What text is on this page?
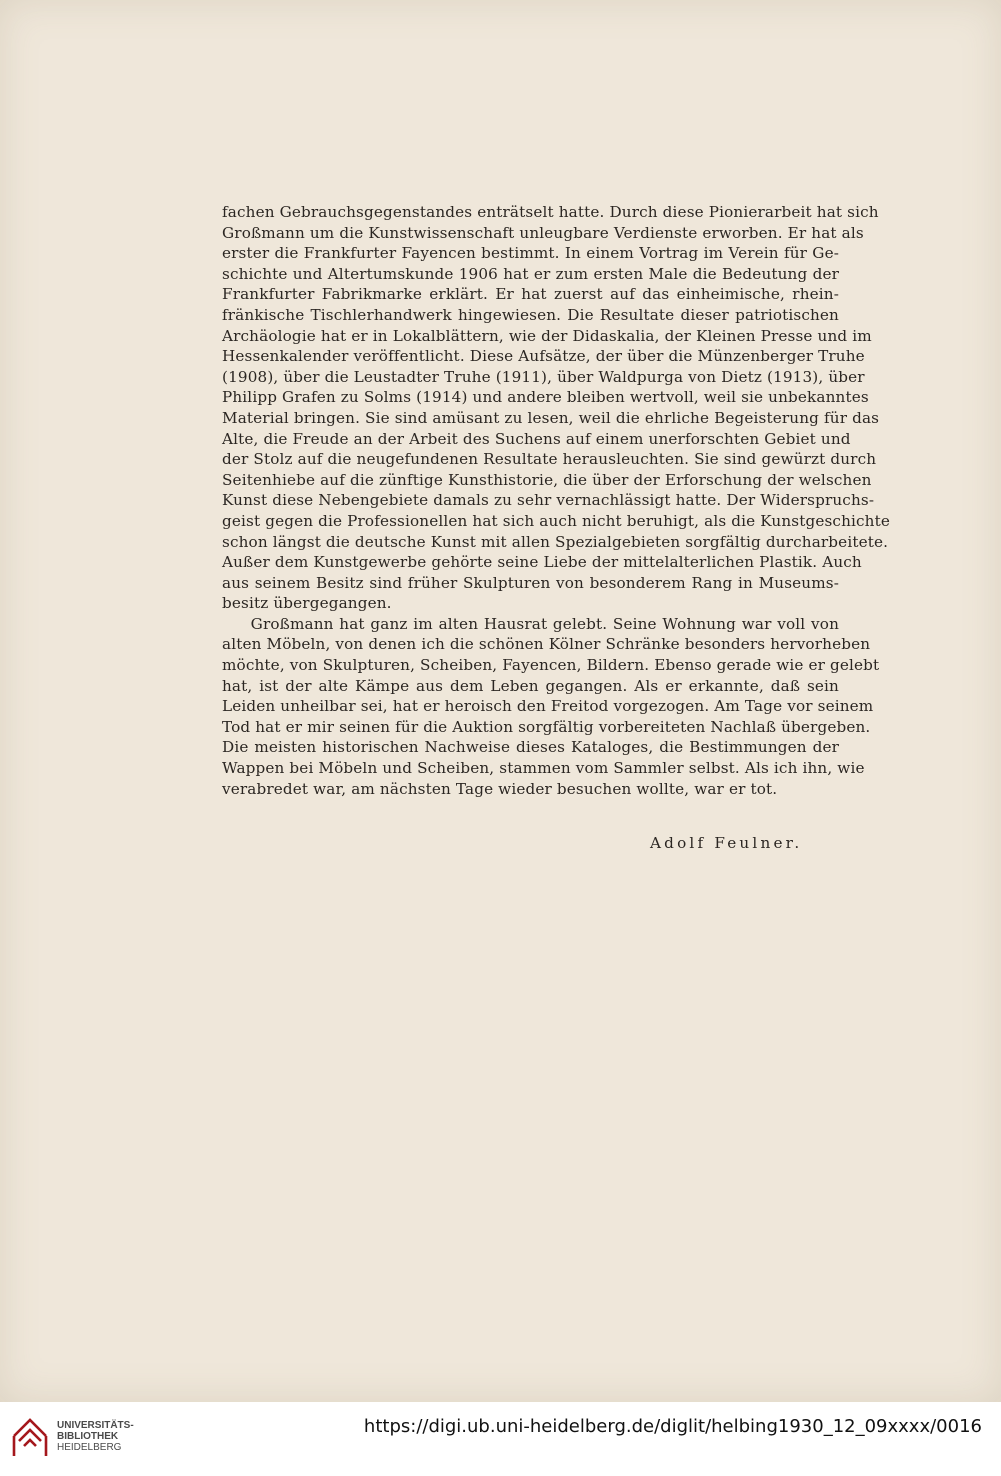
fachen Gebrauchsgegenstandes enträtselt hatte. Durch diese Pionierarbeit hat sich
Großmann um die Kunstwissenschaft unleugbare Verdienste erworben. Er hat als
erster die Frankfurter Fayencen bestimmt. In einem Vortrag im Verein für Ge-
schichte und Altertumskunde 1906 hat er zum ersten Male die Bedeutung der
Frankfurter Fabrikmarke erklärt. Er hat zuerst auf das einheimische, rhein-
fränkische Tischlerhandwerk hingewiesen. Die Resultate dieser patriotischen
Archäologie hat er in Lokalblättern, wie der Didaskalia, der Kleinen Presse und im
Hessenkalender veröffentlicht. Diese Aufsätze, der über die Münzenberger Truhe
(1908), über die Leustadter Truhe (1911), über Waldpurga von Dietz (1913), über
Philipp Grafen zu Solms (1914) und andere bleiben wertvoll, weil sie unbekanntes
Material bringen. Sie sind amüsant zu lesen, weil die ehrliche Begeisterung für das
Alte, die Freude an der Arbeit des Suchens auf einem unerforschten Gebiet und
der Stolz auf die neugefundenen Resultate herausleuchten. Sie sind gewürzt durch
Seitenhiebe auf die zünftige Kunsthistorie, die über der Erforschung der welschen
Kunst diese Nebengebiete damals zu sehr vernachlässigt hatte. Der Widerspruchs-
geist gegen die Professionellen hat sich auch nicht beruhigt, als die Kunstgeschichte
schon längst die deutsche Kunst mit allen Spezialgebieten sorgfältig durcharbeitete.
Außer dem Kunstgewerbe gehörte seine Liebe der mittelalterlichen Plastik. Auch
aus seinem Besitz sind früher Skulpturen von besonderem Rang in Museums-
besitz übergegangen.
Großmann hat ganz im alten Hausrat gelebt. Seine Wohnung war voll von
alten Möbeln, von denen ich die schönen Kölner Schränke besonders hervorheben
möchte, von Skulpturen, Scheiben, Fayencen, Bildern. Ebenso gerade wie er gelebt
hat, ist der alte Kämpe aus dem Leben gegangen. Als er erkannte, daß sein
Leiden unheilbar sei, hat er heroisch den Freitod vorgezogen. Am Tage vor seinem
Tod hat er mir seinen für die Auktion sorgfältig vorbereiteten Nachlaß übergeben.
Die meisten historischen Nachweise dieses Kataloges, die Bestimmungen der
Wappen bei Möbeln und Scheiben, stammen vom Sammler selbst. Als ich ihn, wie
verabredet war, am nächsten Tage wieder besuchen wollte, war er tot.
Adolf Feulner.
UNIVERSITÄTS-
BIBLIOTHEK
HEIDELBERG
https://digi.ub.uni-heidelberg.de/diglit/helbing1930_12_09xxxx/0016
